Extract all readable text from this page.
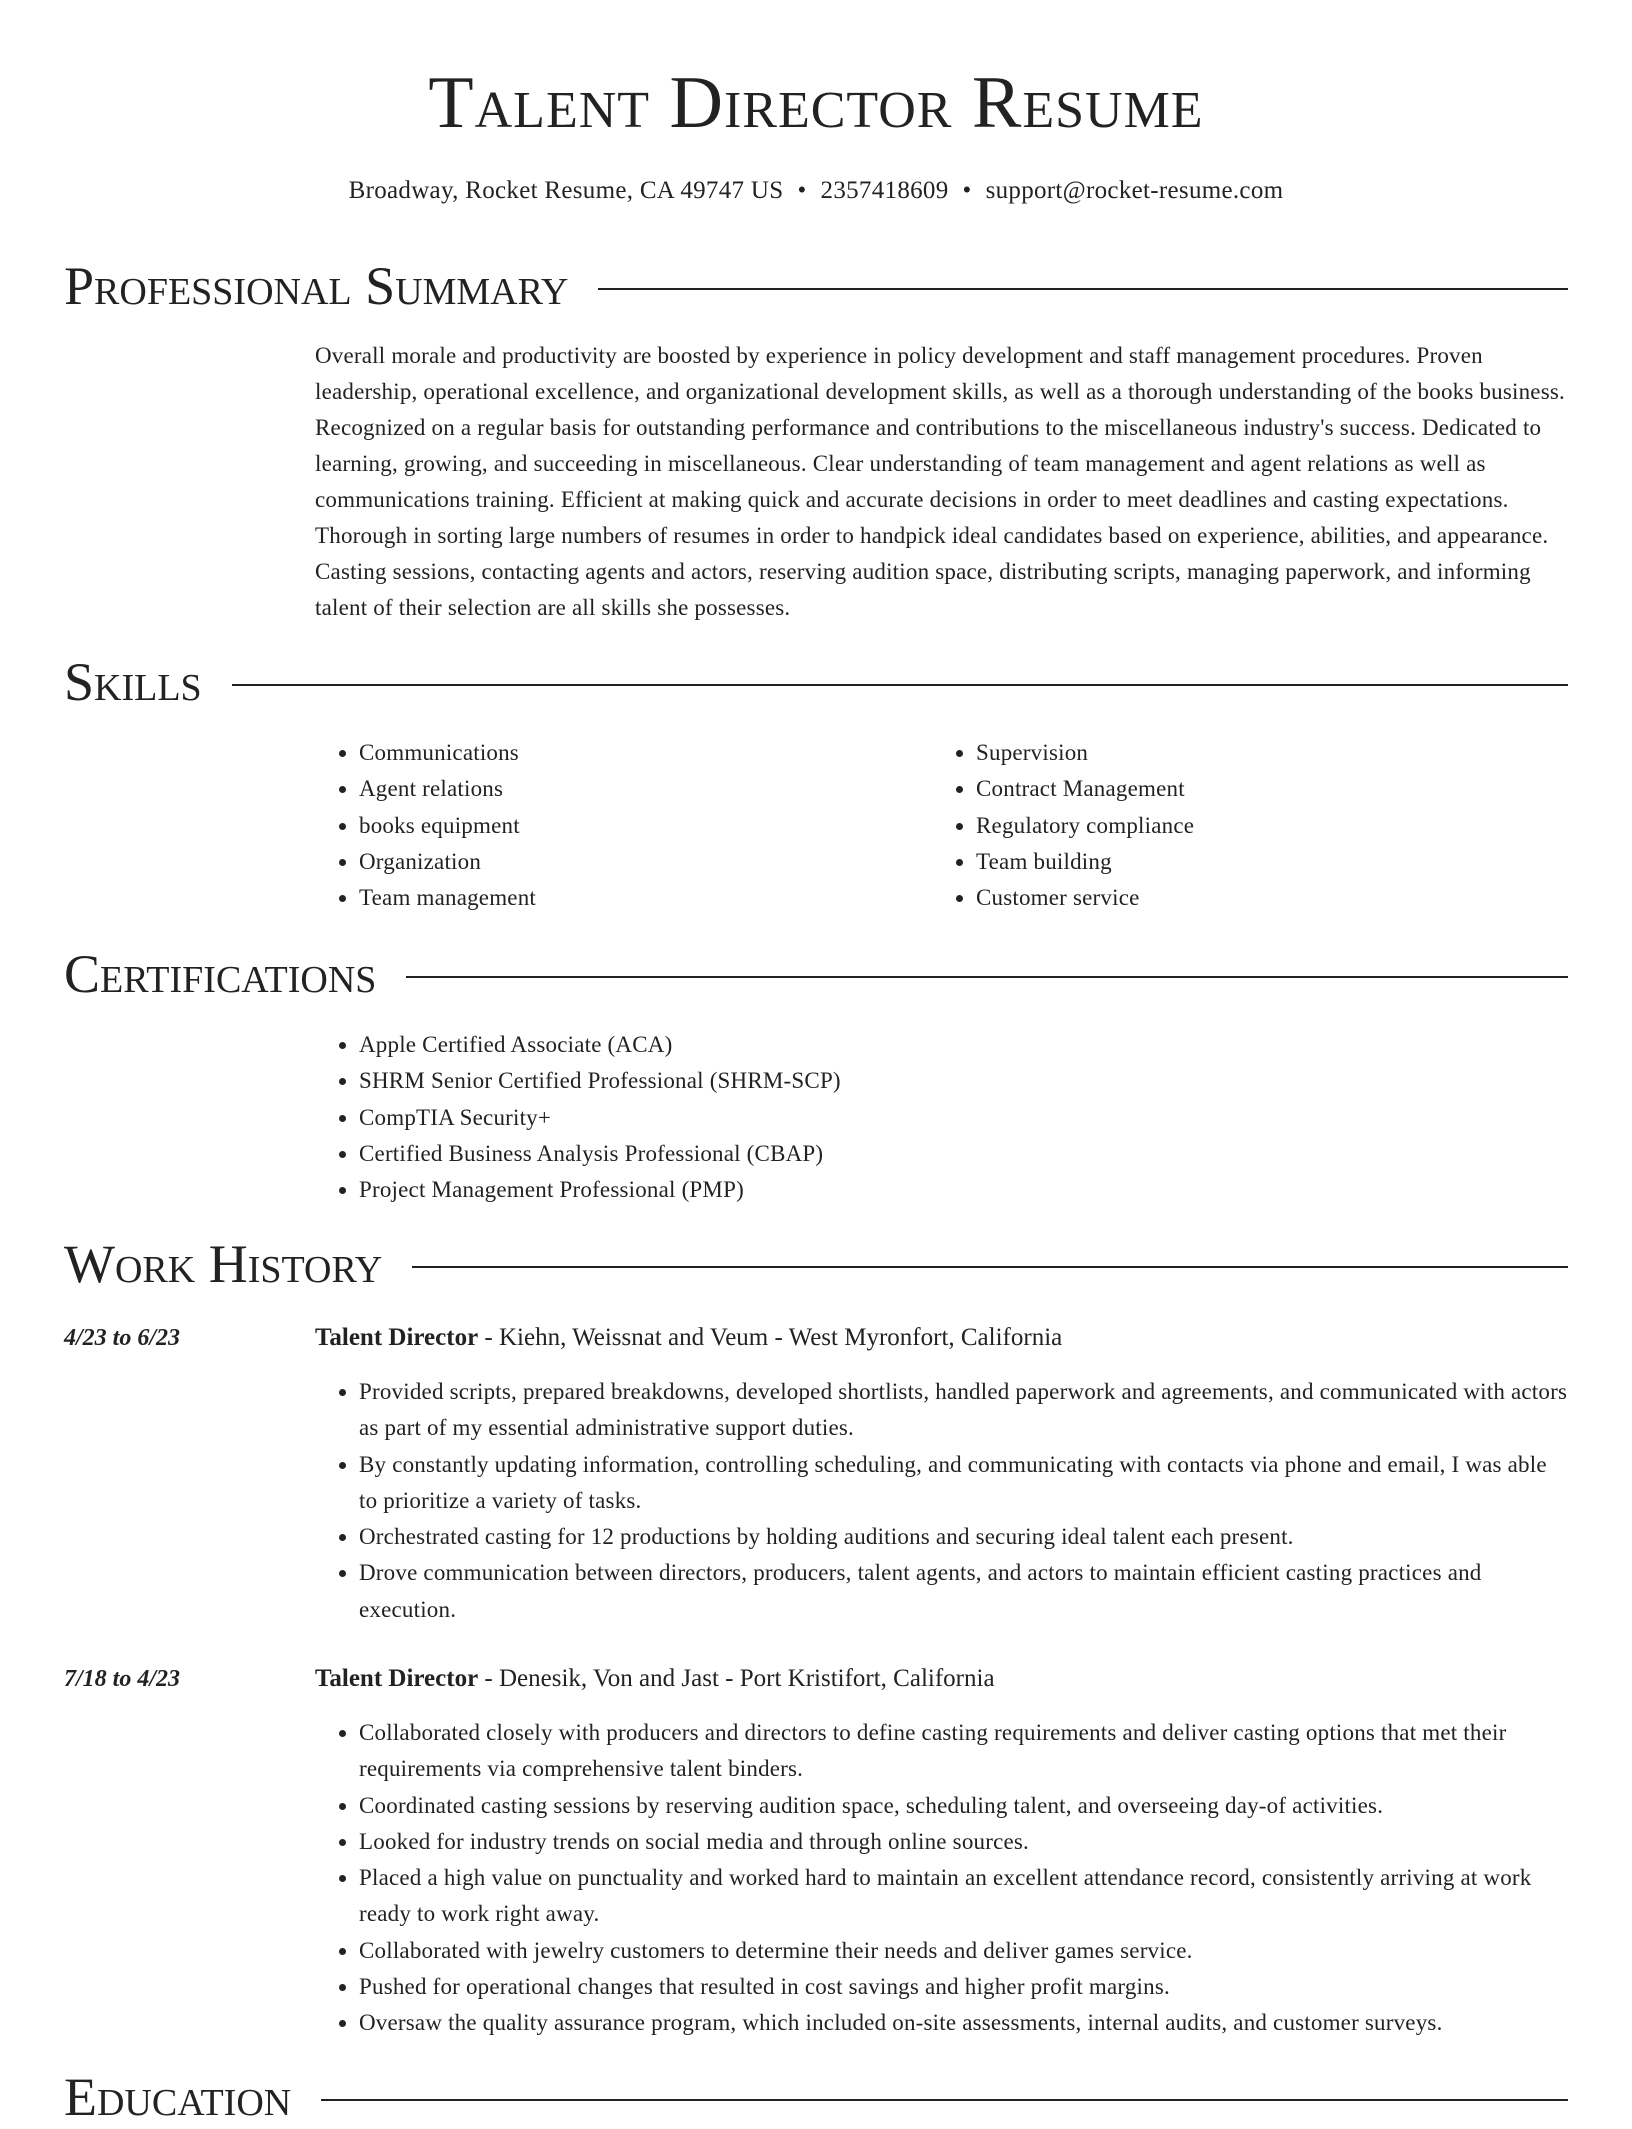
Talent Director Resume
Broadway, Rocket Resume, CA 49747 US • 2357418609 • support@rocket-resume.com
Professional Summary

Overall morale and productivity are boosted by experience in policy development and staff management procedures. Proven leadership, operational excellence, and organizational development skills, as well as a thorough understanding of the books business. Recognized on a regular basis for outstanding performance and contributions to the miscellaneous industry's success. Dedicated to learning, growing, and succeeding in miscellaneous. Clear understanding of team management and agent relations as well as communications training. Efficient at making quick and accurate decisions in order to meet deadlines and casting expectations. Thorough in sorting large numbers of resumes in order to handpick ideal candidates based on experience, abilities, and appearance. Casting sessions, contacting agents and actors, reserving audition space, distributing scripts, managing paperwork, and informing talent of their selection are all skills she possesses.

Skills
• Communications
• Agent relations
• books equipment
• Organization
• Team management
• Supervision
• Contract Management
• Regulatory compliance
• Team building
• Customer service
Certifications
• Apple Certified Associate (ACA)
• SHRM Senior Certified Professional (SHRM-SCP)
• CompTIA Security+
• Certified Business Analysis Professional (CBAP)
• Project Management Professional (PMP)
Work History
4/23 to 6/23	Talent Director - Kiehn, Weissnat and Veum - West Myronfort, California
• Provided scripts, prepared breakdowns, developed shortlists, handled paperwork and agreements, and communicated with actors as part of my essential administrative support duties.
• By constantly updating information, controlling scheduling, and communicating with contacts via phone and email, I was able to prioritize a variety of tasks.
• Orchestrated casting for 12 productions by holding auditions and securing ideal talent each present.
• Drove communication between directors, producers, talent agents, and actors to maintain efficient casting practices and execution.
7/18 to 4/23	Talent Director - Denesik, Von and Jast - Port Kristifort, California
• Collaborated closely with producers and directors to define casting requirements and deliver casting options that met their requirements via comprehensive talent binders.
• Coordinated casting sessions by reserving audition space, scheduling talent, and overseeing day-of activities.
• Looked for industry trends on social media and through online sources.
• Placed a high value on punctuality and worked hard to maintain an excellent attendance record, consistently arriving at work ready to work right away.
• Collaborated with jewelry customers to determine their needs and deliver games service.
• Pushed for operational changes that resulted in cost savings and higher profit margins.
• Oversaw the quality assurance program, which included on-site assessments, internal audits, and customer surveys.
Education
